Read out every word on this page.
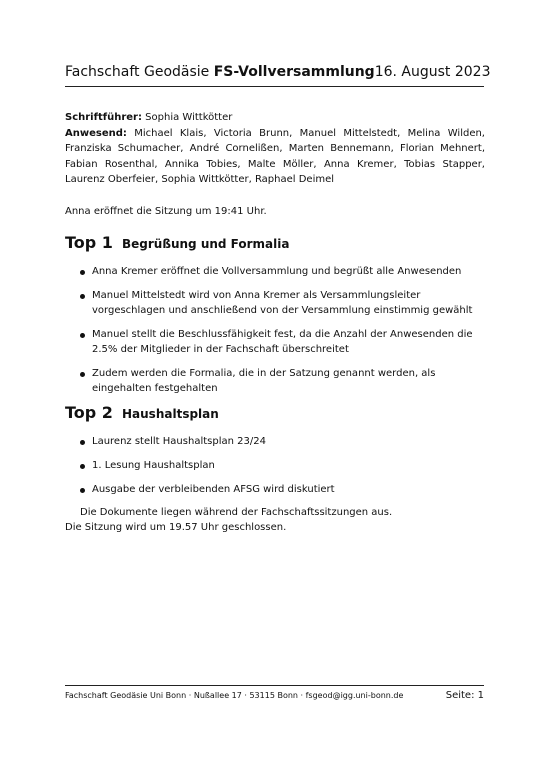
Fachschaft Geodäsie FS-Vollversammlung 16. August 2023
Schriftführer: Sophia Wittkötter
Anwesend: Michael Klais, Victoria Brunn, Manuel Mittelstedt, Melina Wilden, Franziska Schumacher, André Cornelißen, Marten Bennemann, Florian Mehnert, Fabian Rosenthal, Annika Tobies, Malte Möller, Anna Kremer, Tobias Stapper, Laurenz Oberfeier, Sophia Wittkötter, Raphael Deimel
Anna eröffnet die Sitzung um 19:41 Uhr.
Top 1 Begrüßung und Formalia
Anna Kremer eröffnet die Vollversammlung und begrüßt alle Anwesenden
Manuel Mittelstedt wird von Anna Kremer als Versammlungsleiter vorgeschlagen und anschließend von der Versammlung einstimmig gewählt
Manuel stellt die Beschlussfähigkeit fest, da die Anzahl der Anwesenden die 2.5% der Mitglieder in der Fachschaft überschreitet
Zudem werden die Formalia, die in der Satzung genannt werden, als eingehalten festgehalten
Top 2 Haushaltsplan
Laurenz stellt Haushaltsplan 23/24
1. Lesung Haushaltsplan
Ausgabe der verbleibenden AFSG wird diskutiert
Die Dokumente liegen während der Fachschaftssitzungen aus.
Die Sitzung wird um 19.57 Uhr geschlossen.
Fachschaft Geodäsie Uni Bonn · Nußallee 17 · 53115 Bonn · fsgeod@igg.uni-bonn.de	Seite: 1
